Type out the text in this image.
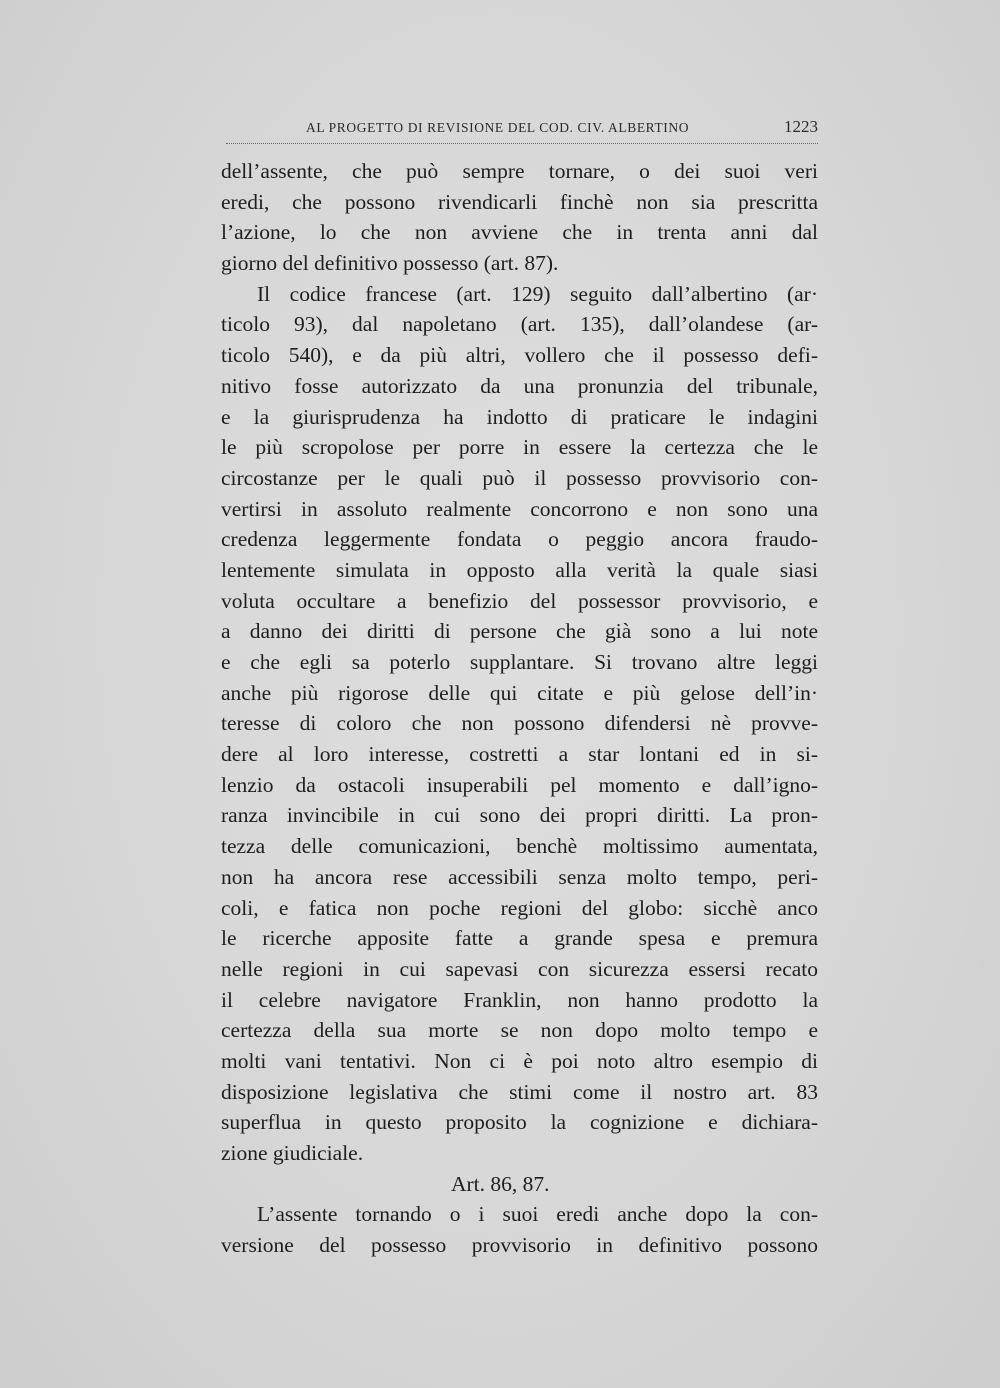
AL PROGETTO DI REVISIONE DEL COD. CIV. ALBERTINO	1223
dell’assente, che può sempre tornare, o dei suoi veri
eredi, che possono rivendicarli finchè non sia prescritta
l’azione, lo che non avviene che in trenta anni dal
giorno del definitivo possesso (art. 87).
Il codice francese (art. 129) seguito dall’albertino (ar·
ticolo 93), dal napoletano (art. 135), dall’olandese (ar-
ticolo 540), e da più altri, vollero che il possesso defi-
nitivo fosse autorizzato da una pronunzia del tribunale,
e la giurisprudenza ha indotto di praticare le indagini
le più scropolose per porre in essere la certezza che le
circostanze per le quali può il possesso provvisorio con-
vertirsi in assoluto realmente concorrono e non sono una
credenza leggermente fondata o peggio ancora fraudo-
lentemente simulata in opposto alla verità la quale siasi
voluta occultare a benefizio del possessor provvisorio, e
a danno dei diritti di persone che già sono a lui note
e che egli sa poterlo supplantare. Si trovano altre leggi
anche più rigorose delle qui citate e più gelose dell’in·
teresse di coloro che non possono difendersi nè provve-
dere al loro interesse, costretti a star lontani ed in si-
lenzio da ostacoli insuperabili pel momento e dall’igno-
ranza invincibile in cui sono dei propri diritti. La pron-
tezza delle comunicazioni, benchè moltissimo aumentata,
non ha ancora rese accessibili senza molto tempo, peri-
coli, e fatica non poche regioni del globo: sicchè anco
le ricerche apposite fatte a grande spesa e premura
nelle regioni in cui sapevasi con sicurezza essersi recato
il celebre navigatore Franklin, non hanno prodotto la
certezza della sua morte se non dopo molto tempo e
molti vani tentativi. Non ci è poi noto altro esempio di
disposizione legislativa che stimi come il nostro art. 83
superflua in questo proposito la cognizione e dichiara-
zione giudiciale.
Art. 86, 87.
L’assente tornando o i suoi eredi anche dopo la con-
versione del possesso provvisorio in definitivo possono
